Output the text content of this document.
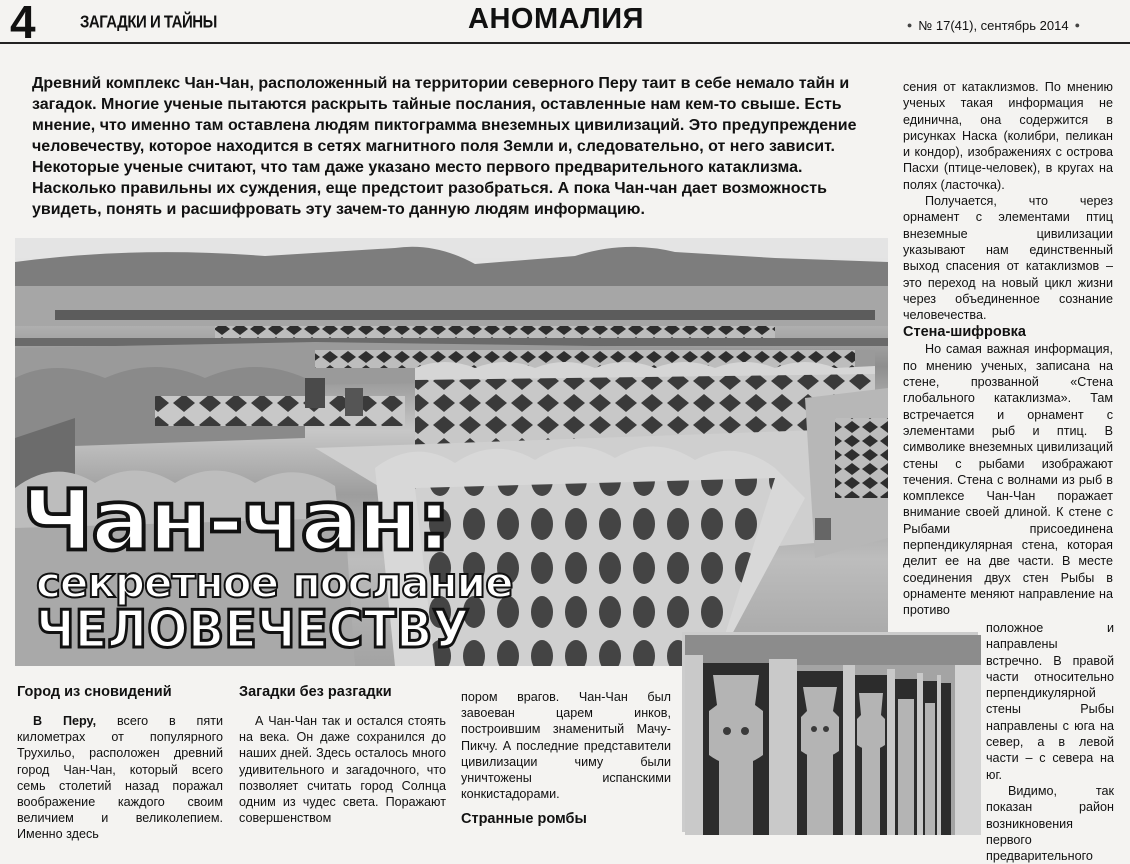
4	ЗАГАДКИ И ТАЙНЫ	АНОМАЛИЯ	● № 17(41), сентябрь 2014 ●

Древний комплекс Чан-Чан, расположенный на территории северного Перу таит в себе немало тайн и загадок. Многие ученые пытаются раскрыть тайные послания, оставленные нам кем-то свыше. Есть мнение, что именно там оставлена людям пиктограмма внеземных цивилизаций. Это предупреждение человечеству, которое находится в сетях магнитного поля Земли и, следовательно, от него зависит. Некоторые ученые считают, что там даже указано место первого предварительного катаклизма. Насколько правильны их суждения, еще предстоит разобраться. А пока Чан-чан дает возможность увидеть, понять и расшифровать эту зачем-то данную людям информацию.

Чан-чан:
секретное послание
ЧЕЛОВЕЧЕСТВУ

сения от катаклизмов. По мнению ученых такая информация не единична, она содержится в рисунках Наска (колибри, пеликан и кондор), изображениях с острова Пасхи (птице-человек), в кругах на полях (ласточка).

Получается, что через орнамент с элементами птиц внеземные цивилизации указывают нам единственный выход спасения от катаклизмов – это переход на новый цикл жизни через объединенное сознание человечества.

Стена-шифровка

Но самая важная информация, по мнению ученых, записана на стене, прозванной «Стена глобального катаклизма». Там встречается и орнамент с элементами рыб и птиц. В символике внеземных цивилизаций стены с рыбами изображают течения. Стена с волнами из рыб в комплексе Чан-Чан поражает внимание своей длиной. К стене с Рыбами присоединена перпендикулярная стена, которая делит ее на две части. В месте соединения двух стен Рыбы в орнаменте меняют направление на противо

положное и направлены встречно. В правой части относительно перпендикулярной стены Рыбы направлены с юга на север, а в левой части – с севера на юг.

Видимо, так показан район возникновения первого предварительного

Город из сновидений

В Перу, всего в пяти километрах от популярного Трухильо, расположен древний город Чан-Чан, который всего семь столетий назад поражал воображение каждого своим величием и великолепием. Именно здесь

Загадки без разгадки

А Чан-Чан так и остался стоять на века. Он даже сохранился до наших дней. Здесь осталось много удивительного и загадочного, что позволяет считать город Солнца одним из чудес света. Поражают совершенством

пором врагов. Чан-Чан был завоеван царем инков, построившим знаменитый Мачу-Пикчу. А последние представители цивилизации чиму были уничтожены испанскими конкистадорами.

Странные ромбы
